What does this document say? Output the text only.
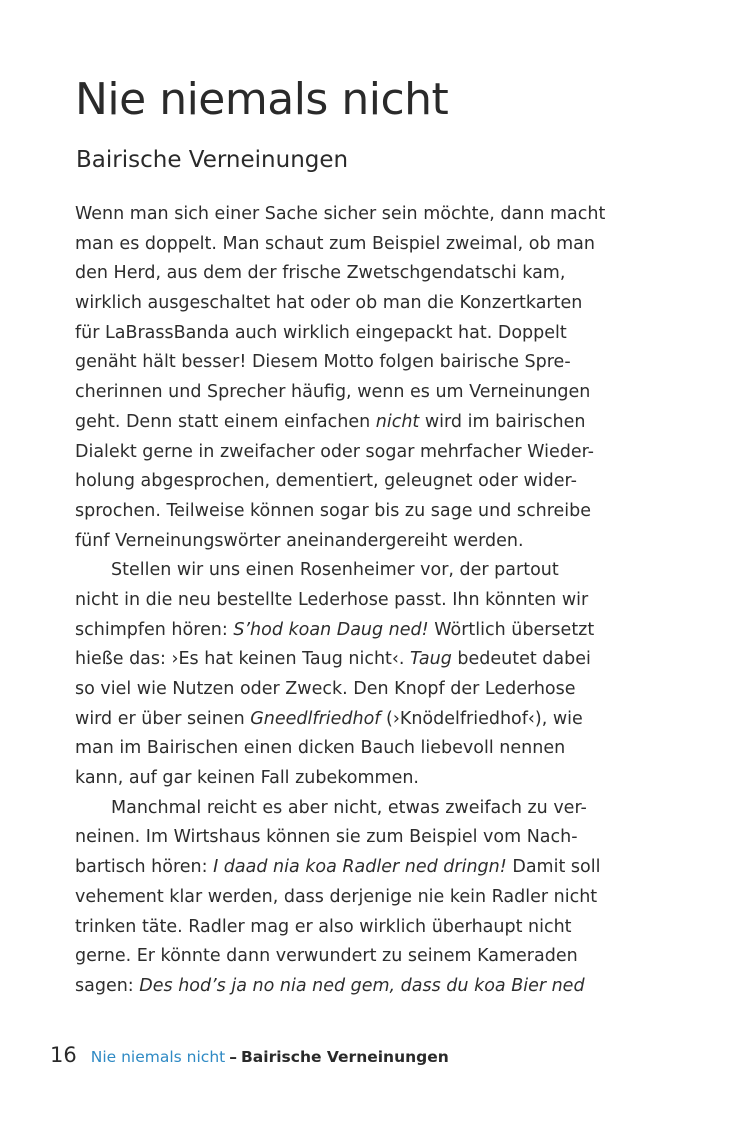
Nie niemals nicht
Bairische Verneinungen
Wenn man sich einer Sache sicher sein möchte, dann macht
man es doppelt. Man schaut zum Beispiel zweimal, ob man
den Herd, aus dem der frische Zwetschgendatschi kam,
wirklich ausgeschaltet hat oder ob man die Konzertkarten
für LaBrassBanda auch wirklich eingepackt hat. Doppelt
genäht hält besser! Diesem Motto folgen bairische Spre-
cherinnen und Sprecher häufig, wenn es um Verneinungen
geht. Denn statt einem einfachen nicht wird im bairischen
Dialekt gerne in zweifacher oder sogar mehrfacher Wieder-
holung abgesprochen, dementiert, geleugnet oder wider-
sprochen. Teilweise können sogar bis zu sage und schreibe
fünf Verneinungswörter aneinandergereiht werden.
Stellen wir uns einen Rosenheimer vor, der partout
nicht in die neu bestellte Lederhose passt. Ihn könnten wir
schimpfen hören: S’hod koan Daug ned! Wörtlich übersetzt
hieße das: ›Es hat keinen Taug nicht‹. Taug bedeutet dabei
so viel wie Nutzen oder Zweck. Den Knopf der Lederhose
wird er über seinen Gneedlfriedhof (›Knödelfriedhof‹), wie
man im Bairischen einen dicken Bauch liebevoll nennen
kann, auf gar keinen Fall zubekommen.
Manchmal reicht es aber nicht, etwas zweifach zu ver-
neinen. Im Wirtshaus können sie zum Beispiel vom Nach-
bartisch hören: I daad nia koa Radler ned dringn! Damit soll
vehement klar werden, dass derjenige nie kein Radler nicht
trinken täte. Radler mag er also wirklich überhaupt nicht
gerne. Er könnte dann verwundert zu seinem Kameraden
sagen: Des hod’s ja no nia ned gem, dass du koa Bier ned
16 Nie niemals nicht – Bairische Verneinungen
